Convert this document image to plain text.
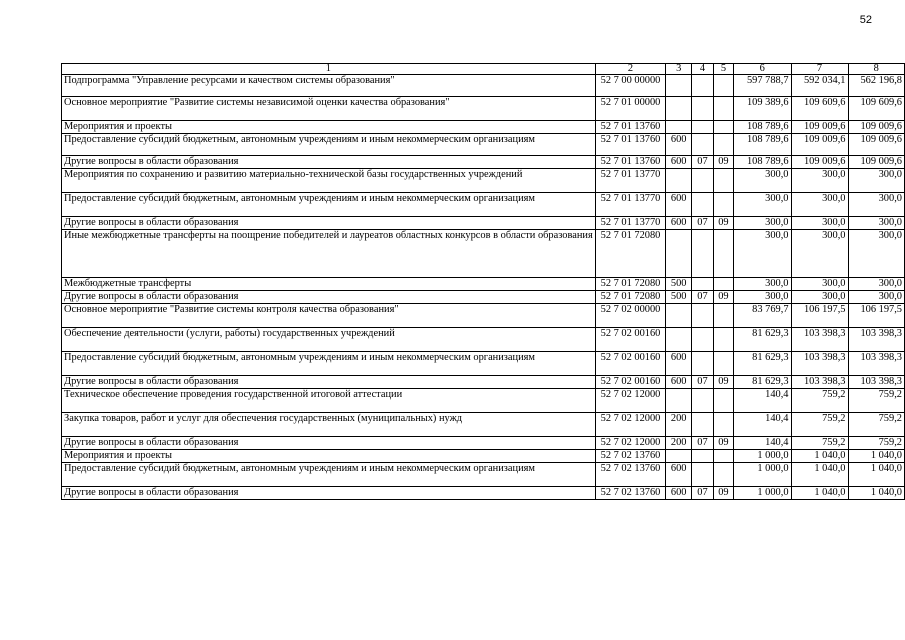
52
1	2	3	4	5	6	7	8
Подпрограмма "Управление ресурсами и качеством системы образования"	52 7 00 00000				597 788,7	592 034,1	562 196,8
Основное мероприятие "Развитие системы независимой оценки качества образования"	52 7 01 00000				109 389,6	109 609,6	109 609,6
Мероприятия и проекты	52 7 01 13760				108 789,6	109 009,6	109 009,6
Предоставление субсидий бюджетным, автономным учреждениям и иным некоммерческим организациям	52 7 01 13760	600			108 789,6	109 009,6	109 009,6
Другие вопросы в области образования	52 7 01 13760	600	07	09	108 789,6	109 009,6	109 009,6
Мероприятия по сохранению и развитию материально-технической базы государственных учреждений	52 7 01 13770				300,0	300,0	300,0
Предоставление субсидий бюджетным, автономным учреждениям и иным некоммерческим организациям	52 7 01 13770	600			300,0	300,0	300,0
Другие вопросы в области образования	52 7 01 13770	600	07	09	300,0	300,0	300,0
Иные межбюджетные трансферты на поощрение победителей и лауреатов областных конкурсов в области образования	52 7 01 72080				300,0	300,0	300,0
Межбюджетные трансферты	52 7 01 72080	500			300,0	300,0	300,0
Другие вопросы в области образования	52 7 01 72080	500	07	09	300,0	300,0	300,0
Основное мероприятие "Развитие системы контроля качества образования"	52 7 02 00000				83 769,7	106 197,5	106 197,5
Обеспечение деятельности (услуги, работы) государственных учреждений	52 7 02 00160				81 629,3	103 398,3	103 398,3
Предоставление субсидий бюджетным, автономным учреждениям и иным некоммерческим организациям	52 7 02 00160	600			81 629,3	103 398,3	103 398,3
Другие вопросы в области образования	52 7 02 00160	600	07	09	81 629,3	103 398,3	103 398,3
Техническое обеспечение проведения государственной итоговой аттестации	52 7 02 12000				140,4	759,2	759,2
Закупка товаров, работ и услуг для обеспечения государственных (муниципальных) нужд	52 7 02 12000	200			140,4	759,2	759,2
Другие вопросы в области образования	52 7 02 12000	200	07	09	140,4	759,2	759,2
Мероприятия и проекты	52 7 02 13760				1 000,0	1 040,0	1 040,0
Предоставление субсидий бюджетным, автономным учреждениям и иным некоммерческим организациям	52 7 02 13760	600			1 000,0	1 040,0	1 040,0
Другие вопросы в области образования	52 7 02 13760	600	07	09	1 000,0	1 040,0	1 040,0
